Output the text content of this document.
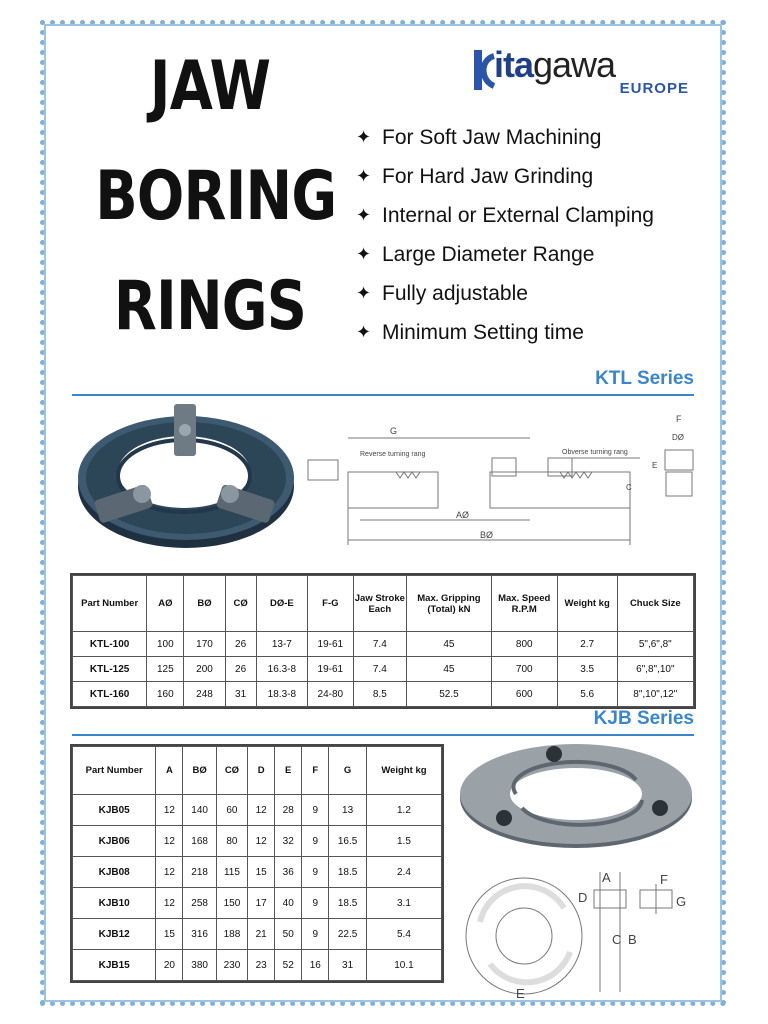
JAW
BORING
RINGS
itagawa
EUROPE
✦ For Soft Jaw Machining
✦ For Hard Jaw Grinding
✦ Internal or External Clamping
✦ Large Diameter Range
✦ Fully adjustable
✦ Minimum Setting time
KTL Series
G
Reverse turning rang	Obverse turning rang
AØ
BØ
C
F
DØ
E
Part Number	AØ	BØ	CØ	DØ-E	F-G	Jaw Stroke Each	Max. Gripping (Total) kN	Max. Speed R.P.M	Weight kg	Chuck Size
KTL-100	100	170	26	13-7	19-61	7.4	45	800	2.7	5",6",8"
KTL-125	125	200	26	16.3-8	19-61	7.4	45	700	3.5	6",8",10"
KTL-160	160	248	31	18.3-8	24-80	8.5	52.5	600	5.6	8",10",12"
KJB Series
Part Number	A	BØ	CØ	D	E	F	G	Weight kg
KJB05	12	140	60	12	28	9	13	1.2
KJB06	12	168	80	12	32	9	16.5	1.5
KJB08	12	218	115	15	36	9	18.5	2.4
KJB10	12	258	150	17	40	9	18.5	3.1
KJB12	15	316	188	21	50	9	22.5	5.4
KJB15	20	380	230	23	52	16	31	10.1
A
B
C
D
E
F
G
